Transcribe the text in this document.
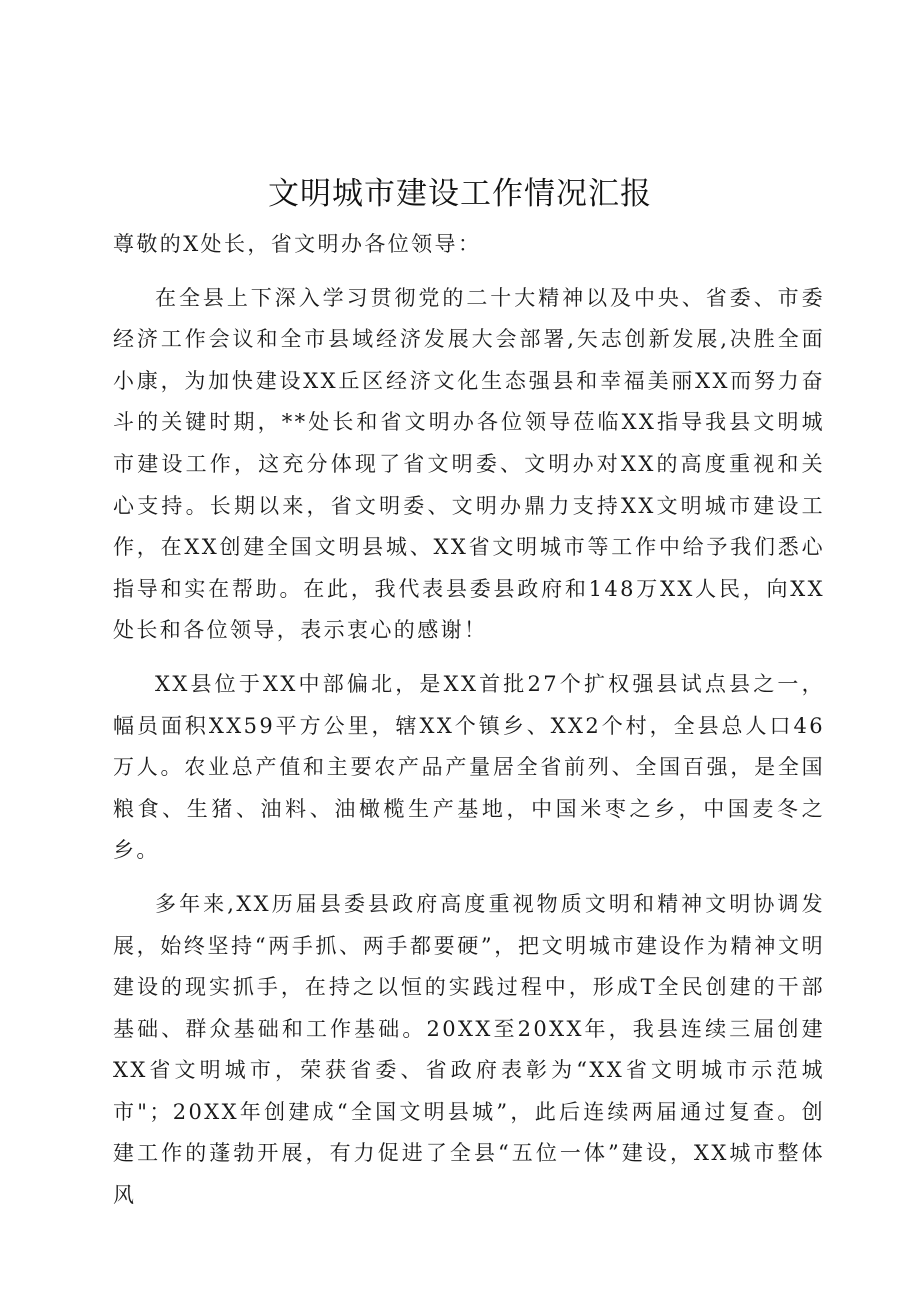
文明城市建设工作情况汇报

尊敬的X处长，省文明办各位领导：

在全县上下深入学习贯彻党的二十大精神以及中央、省委、市委经济工作会议和全市县域经济发展大会部署,矢志创新发展,决胜全面小康，为加快建设XX丘区经济文化生态强县和幸福美丽XX而努力奋斗的关键时期，**处长和省文明办各位领导莅临XX指导我县文明城市建设工作，这充分体现了省文明委、文明办对XX的高度重视和关心支持。长期以来，省文明委、文明办鼎力支持XX文明城市建设工作，在XX创建全国文明县城、XX省文明城市等工作中给予我们悉心指导和实在帮助。在此，我代表县委县政府和148万XX人民，向XX处长和各位领导，表示衷心的感谢！

XX县位于XX中部偏北，是XX首批27个扩权强县试点县之一，幅员面积XX59平方公里，辖XX个镇乡、XX2个村，全县总人口46万人。农业总产值和主要农产品产量居全省前列、全国百强，是全国粮食、生猪、油料、油橄榄生产基地，中国米枣之乡，中国麦冬之乡。

多年来,XX历届县委县政府高度重视物质文明和精神文明协调发展，始终坚持“两手抓、两手都要硬”，把文明城市建设作为精神文明建设的现实抓手，在持之以恒的实践过程中，形成T全民创建的干部基础、群众基础和工作基础。20XX至20XX年，我县连续三届创建XX省文明城市，荣获省委、省政府表彰为“XX省文明城市示范城市"；20XX年创建成“全国文明县城”，此后连续两届通过复查。创建工作的蓬勃开展，有力促进了全县“五位一体”建设，XX城市整体风
